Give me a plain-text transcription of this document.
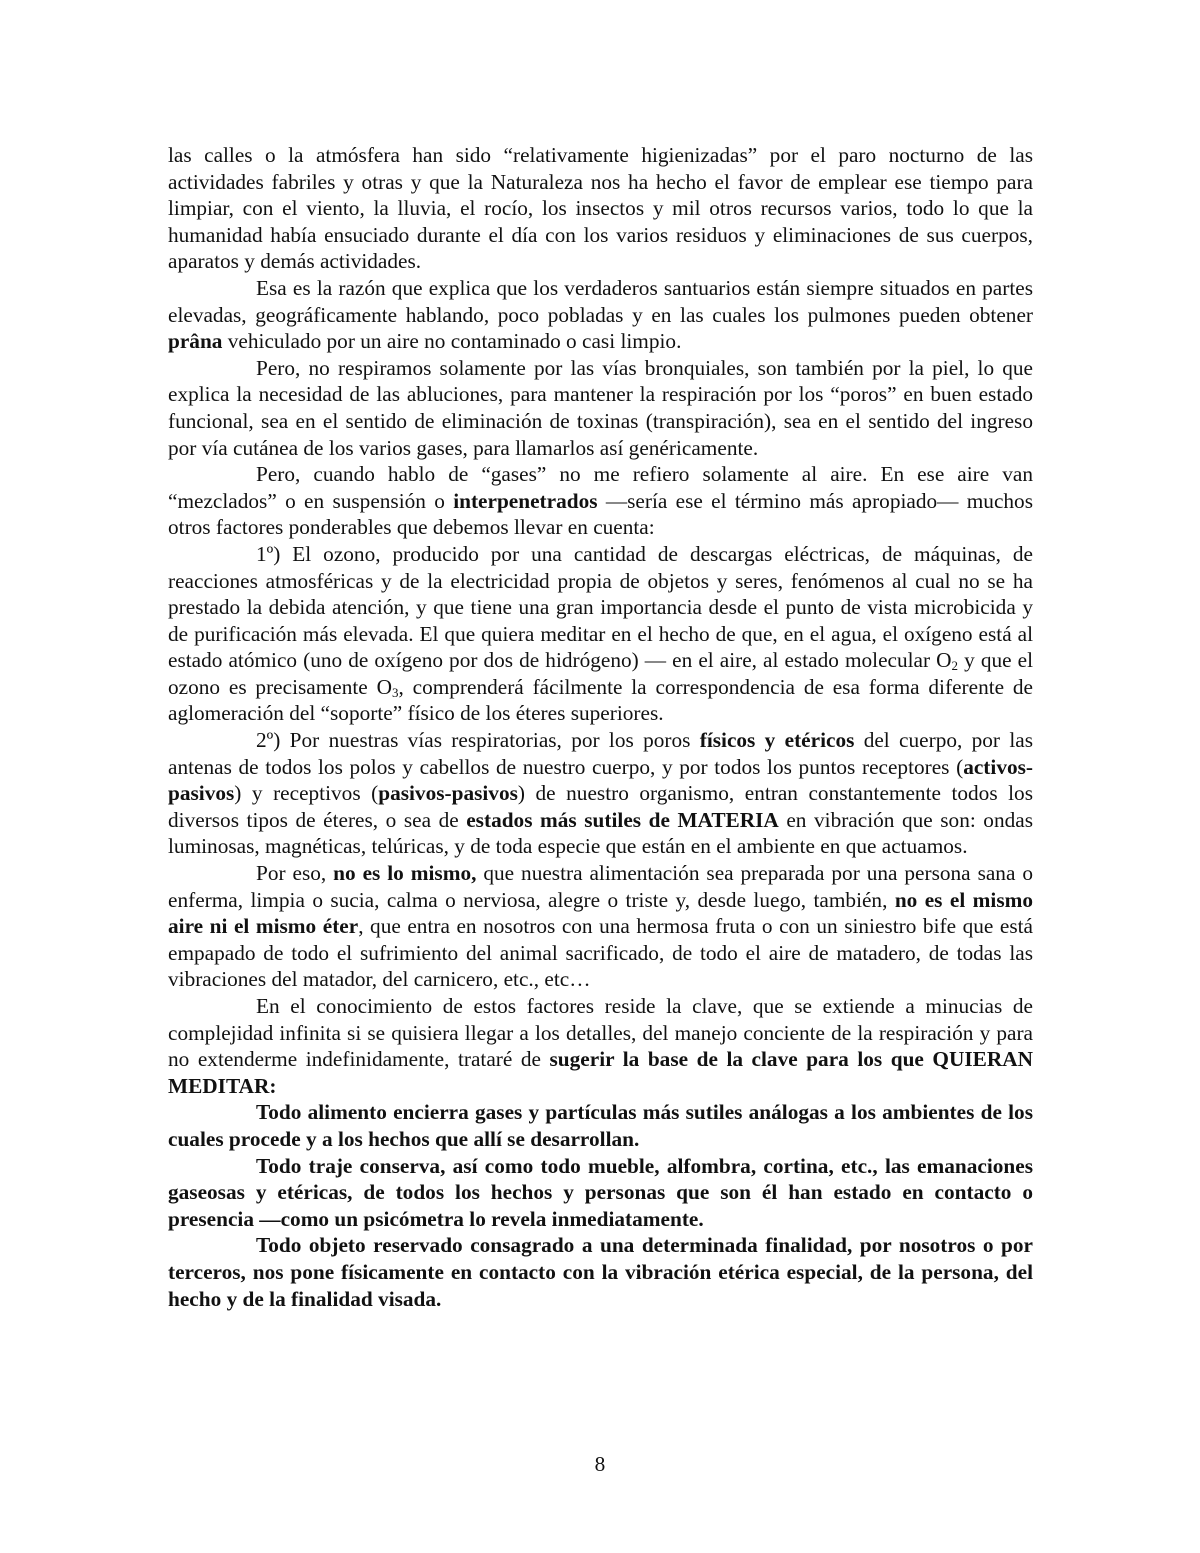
las calles o la atmósfera han sido “relativamente higienizadas” por el paro nocturno de las actividades fabriles y otras y que la Naturaleza nos ha hecho el favor de emplear ese tiempo para limpiar, con el viento, la lluvia, el rocío, los insectos y mil otros recursos varios, todo lo que la humanidad había ensuciado durante el día con los varios residuos y eliminaciones de sus cuerpos, aparatos y demás actividades.

Esa es la razón que explica que los verdaderos santuarios están siempre situados en partes elevadas, geográficamente hablando, poco pobladas y en las cuales los pulmones pueden obtener prâna vehiculado por un aire no contaminado o casi limpio.

Pero, no respiramos solamente por las vías bronquiales, son también por la piel, lo que explica la necesidad de las abluciones, para mantener la respiración por los “poros” en buen estado funcional, sea en el sentido de eliminación de toxinas (transpiración), sea en el sentido del ingreso por vía cutánea de los varios gases, para llamarlos así genéricamente.

Pero, cuando hablo de “gases” no me refiero solamente al aire. En ese aire van “mezclados” o en suspensión o interpenetrados —sería ese el término más apropiado— muchos otros factores ponderables que debemos llevar en cuenta:

1º) El ozono, producido por una cantidad de descargas eléctricas, de máquinas, de reacciones atmosféricas y de la electricidad propia de objetos y seres, fenómenos al cual no se ha prestado la debida atención, y que tiene una gran importancia desde el punto de vista microbicida y de purificación más elevada. El que quiera meditar en el hecho de que, en el agua, el oxígeno está al estado atómico (uno de oxígeno por dos de hidrógeno) — en el aire, al estado molecular $O_2$ y que el ozono es precisamente $O_3$, comprenderá fácilmente la correspondencia de esa forma diferente de aglomeración del “soporte” físico de los éteres superiores.

2º) Por nuestras vías respiratorias, por los poros físicos y etéricos del cuerpo, por las antenas de todos los polos y cabellos de nuestro cuerpo, y por todos los puntos receptores (activos-pasivos) y receptivos (pasivos-pasivos) de nuestro organismo, entran constantemente todos los diversos tipos de éteres, o sea de estados más sutiles de MATERIA en vibración que son: ondas luminosas, magnéticas, telúricas, y de toda especie que están en el ambiente en que actuamos.

Por eso, no es lo mismo, que nuestra alimentación sea preparada por una persona sana o enferma, limpia o sucia, calma o nerviosa, alegre o triste y, desde luego, también, no es el mismo aire ni el mismo éter, que entra en nosotros con una hermosa fruta o con un siniestro bife que está empapado de todo el sufrimiento del animal sacrificado, de todo el aire de matadero, de todas las vibraciones del matador, del carnicero, etc., etc…

En el conocimiento de estos factores reside la clave, que se extiende a minucias de complejidad infinita si se quisiera llegar a los detalles, del manejo conciente de la respiración y para no extenderme indefinidamente, trataré de sugerir la base de la clave para los que QUIERAN MEDITAR:

Todo alimento encierra gases y partículas más sutiles análogas a los ambientes de los cuales procede y a los hechos que allí se desarrollan.

Todo traje conserva, así como todo mueble, alfombra, cortina, etc., las emanaciones gaseosas y etéricas, de todos los hechos y personas que son él han estado en contacto o presencia —como un psicómetra lo revela inmediatamente.

Todo objeto reservado consagrado a una determinada finalidad, por nosotros o por terceros, nos pone físicamente en contacto con la vibración etérica especial, de la persona, del hecho y de la finalidad visada.

8
